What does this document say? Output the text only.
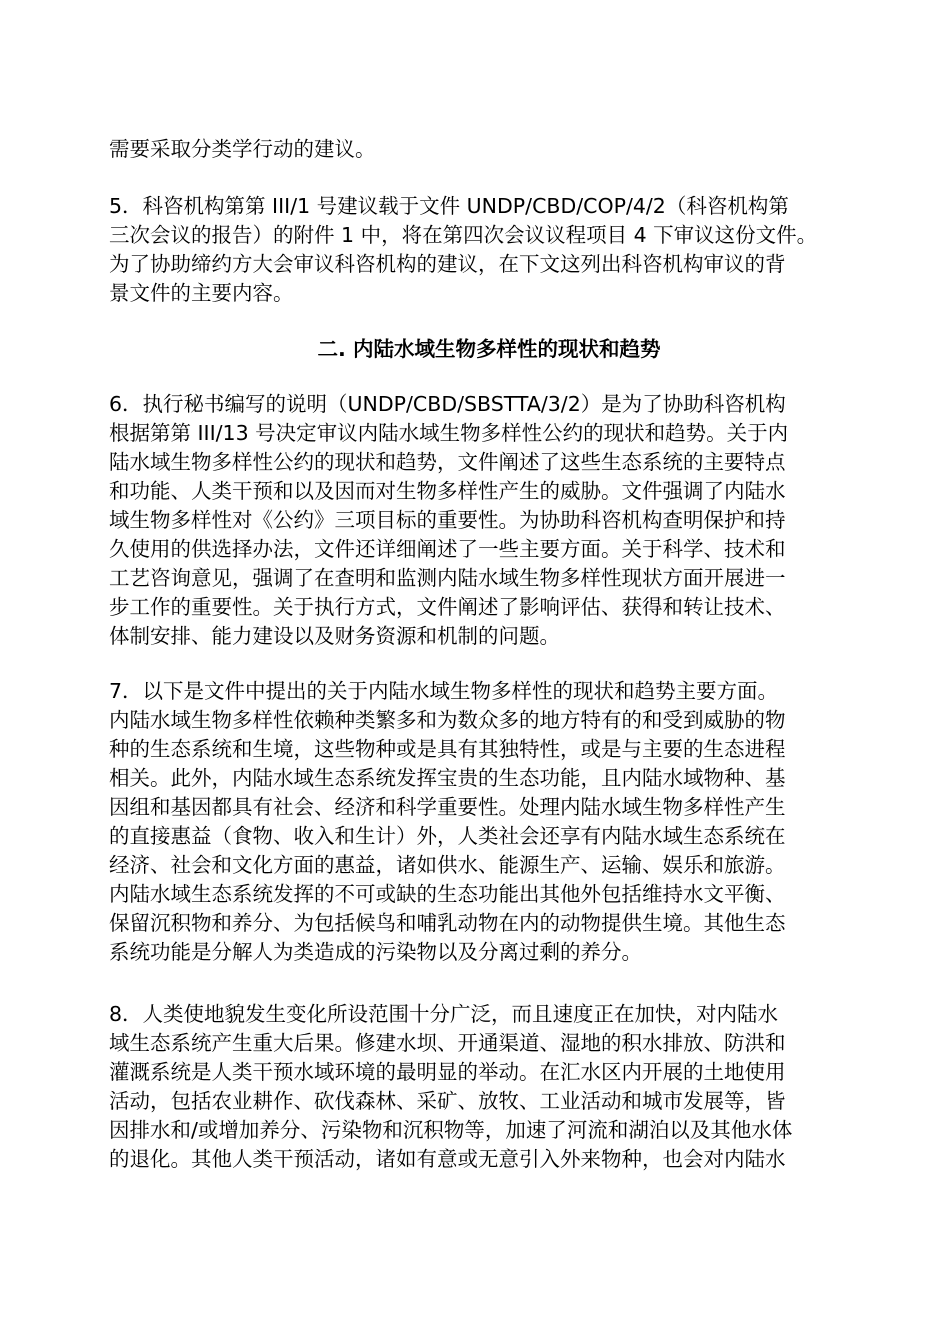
需要采取分类学行动的建议。

5．科咨机构第第 III/1 号建议载于文件 UNDP/CBD/COP/4/2（科咨机构第
三次会议的报告）的附件 1 中，将在第四次会议议程项目 4 下审议这份文件。
为了协助缔约方大会审议科咨机构的建议，在下文这列出科咨机构审议的背
景文件的主要内容。

二. 内陆水域生物多样性的现状和趋势

6．执行秘书编写的说明（UNDP/CBD/SBSTTA/3/2）是为了协助科咨机构
根据第第 III/13 号决定审议内陆水域生物多样性公约的现状和趋势。关于内
陆水域生物多样性公约的现状和趋势，文件阐述了这些生态系统的主要特点
和功能、人类干预和以及因而对生物多样性产生的威胁。文件强调了内陆水
域生物多样性对《公约》三项目标的重要性。为协助科咨机构查明保护和持
久使用的供选择办法，文件还详细阐述了一些主要方面。关于科学、技术和
工艺咨询意见，强调了在查明和监测内陆水域生物多样性现状方面开展进一
步工作的重要性。关于执行方式，文件阐述了影响评估、获得和转让技术、
体制安排、能力建设以及财务资源和机制的问题。

7．以下是文件中提出的关于内陆水域生物多样性的现状和趋势主要方面。
内陆水域生物多样性依赖种类繁多和为数众多的地方特有的和受到威胁的物
种的生态系统和生境，这些物种或是具有其独特性，或是与主要的生态进程
相关。此外，内陆水域生态系统发挥宝贵的生态功能，且内陆水域物种、基
因组和基因都具有社会、经济和科学重要性。处理内陆水域生物多样性产生
的直接惠益（食物、收入和生计）外，人类社会还享有内陆水域生态系统在
经济、社会和文化方面的惠益，诸如供水、能源生产、运输、娱乐和旅游。
内陆水域生态系统发挥的不可或缺的生态功能出其他外包括维持水文平衡、
保留沉积物和养分、为包括候鸟和哺乳动物在内的动物提供生境。其他生态
系统功能是分解人为类造成的污染物以及分离过剩的养分。

8．人类使地貌发生变化所设范围十分广泛，而且速度正在加快，对内陆水
域生态系统产生重大后果。修建水坝、开通渠道、湿地的积水排放、防洪和
灌溉系统是人类干预水域环境的最明显的举动。在汇水区内开展的土地使用
活动，包括农业耕作、砍伐森林、采矿、放牧、工业活动和城市发展等，皆
因排水和/或增加养分、污染物和沉积物等，加速了河流和湖泊以及其他水体
的退化。其他人类干预活动，诸如有意或无意引入外来物种，也会对内陆水
